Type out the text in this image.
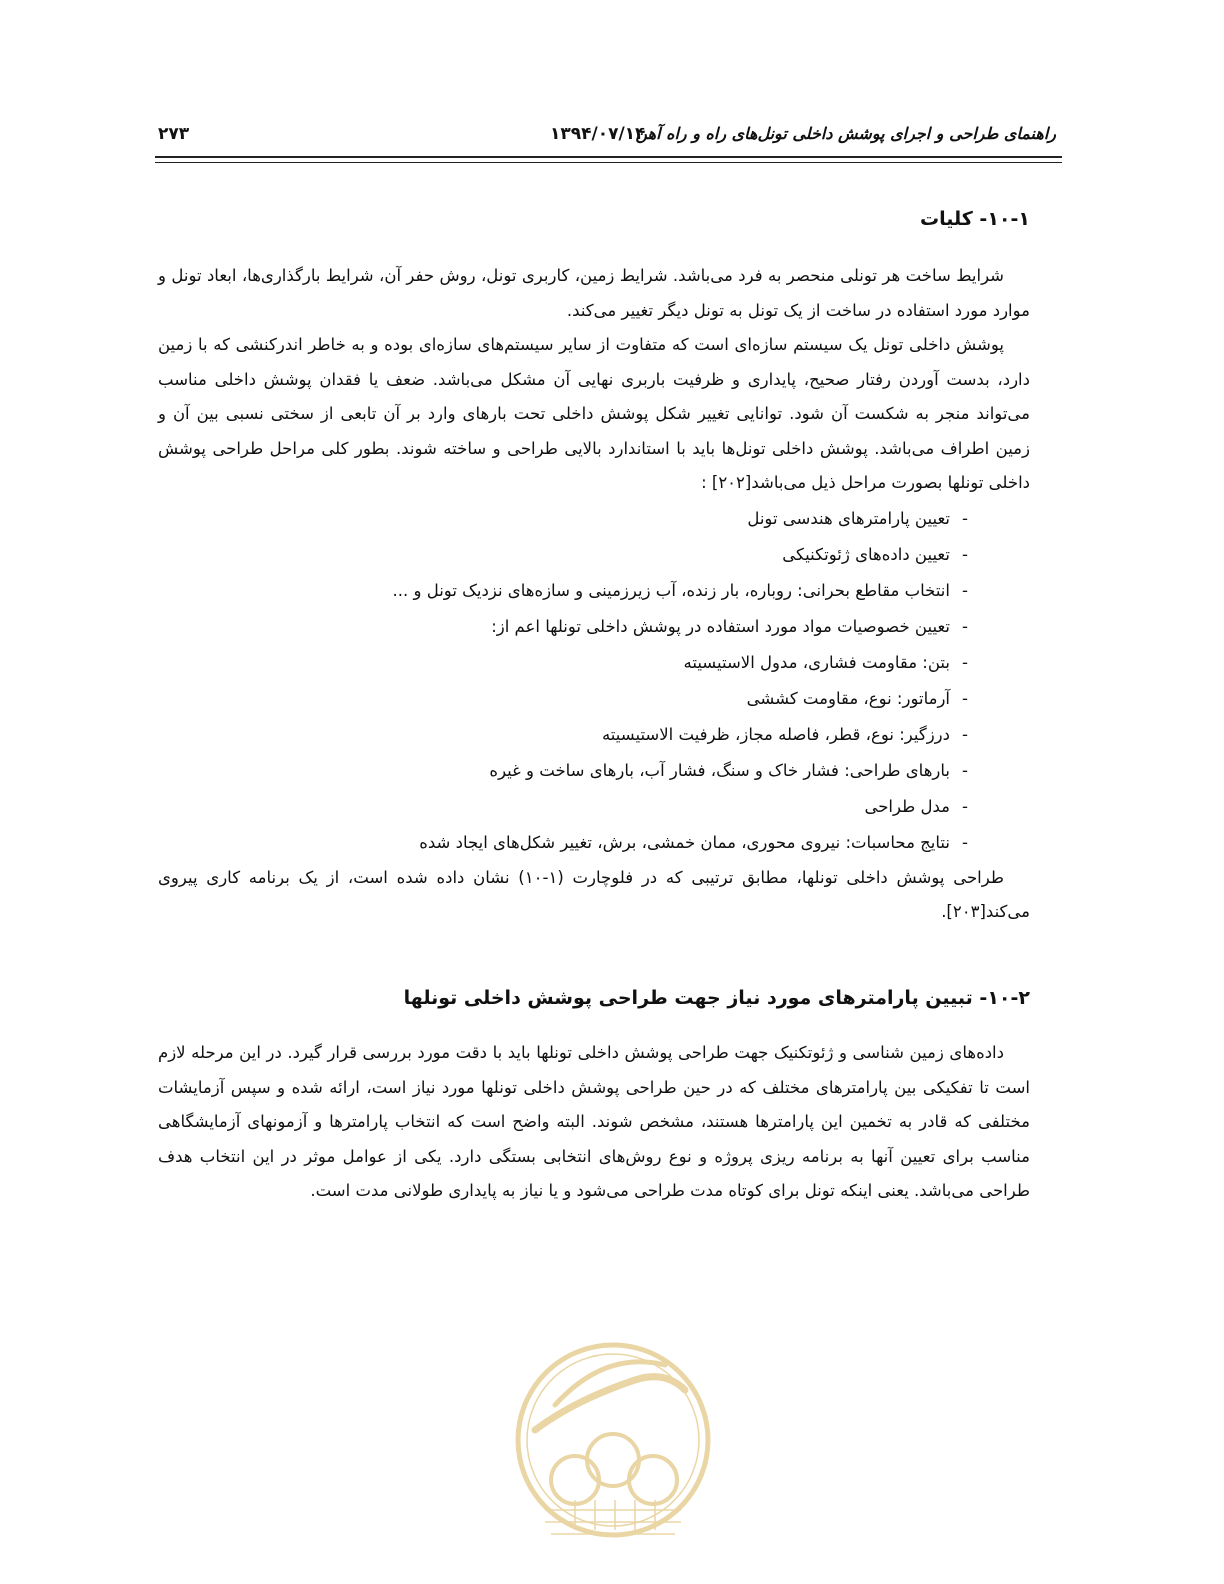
راهنمای طراحی و اجرای پوشش داخلی تونل‌های راه و راه آهن
۱۳۹۴/۰۷/۱۴
۲۷۳
۱۰-۱- کلیات

شرایط ساخت هر تونلی منحصر به فرد می‌باشد. شرایط زمین، کاربری تونل، روش حفر آن، شرایط بارگذاری‌ها، ابعاد تونل و موارد مورد استفاده در ساخت از یک تونل به تونل دیگر تغییر می‌کند.

پوشش داخلی تونل یک سیستم سازه‌ای است که متفاوت از سایر سیستم‌های سازه‌ای بوده و به خاطر اندرکنشی که با زمین دارد، بدست آوردن رفتار صحیح، پایداری و ظرفیت باربری نهایی آن مشکل می‌باشد. ضعف یا فقدان پوشش داخلی مناسب می‌تواند منجر به شکست آن شود. توانایی تغییر شکل پوشش داخلی تحت بارهای وارد بر آن تابعی از سختی نسبی بین آن و زمین اطراف می‌باشد. پوشش داخلی تونل‌ها باید با استاندارد بالایی طراحی و ساخته شوند. بطور کلی مراحل طراحی پوشش داخلی تونلها بصورت مراحل ذیل می‌باشد[۲۰۲] :

-
تعیین پارامترهای هندسی تونل
-
تعیین داده‌های ژئوتکنیکی
-
انتخاب مقاطع بحرانی: روباره، بار زنده، آب زیرزمینی و سازه‌های نزدیک تونل و ...
-
تعیین خصوصیات مواد مورد استفاده در پوشش داخلی تونلها اعم از:
-
بتن: مقاومت فشاری، مدول الاستیسیته
-
آرماتور: نوع، مقاومت کششی
-
درزگیر: نوع، قطر، فاصله مجاز، ظرفیت الاستیسیته
-
بارهای طراحی: فشار خاک و سنگ، فشار آب، بارهای ساخت و غیره
-
مدل طراحی
-
نتایج محاسبات: نیروی محوری، ممان خمشی، برش، تغییر شکل‌های ایجاد شده

طراحی پوشش داخلی تونلها، مطابق ترتیبی که در فلوچارت (۱-۱۰) نشان داده شده است، از یک برنامه کاری پیروی می‌کند[۲۰۳].

۱۰-۲- تبیین پارامترهای مورد نیاز جهت طراحی پوشش داخلی تونلها

داده‌های زمین شناسی و ژئوتکنیک جهت طراحی پوشش داخلی تونلها باید با دقت مورد بررسی قرار گیرد. در این مرحله لازم است تا تفکیکی بین پارامترهای مختلف که در حین طراحی پوشش داخلی تونلها مورد نیاز است، ارائه شده و سپس آزمایشات مختلفی که قادر به تخمین این پارامترها هستند، مشخص شوند. البته واضح است که انتخاب پارامترها و آزمونهای آزمایشگاهی مناسب برای تعیین آنها به برنامه ریزی پروژه و نوع روش‌های انتخابی بستگی دارد. یکی از عوامل موثر در این انتخاب هدف طراحی می‌باشد. یعنی اینکه تونل برای کوتاه مدت طراحی می‌شود و یا نیاز به پایداری طولانی مدت است.
